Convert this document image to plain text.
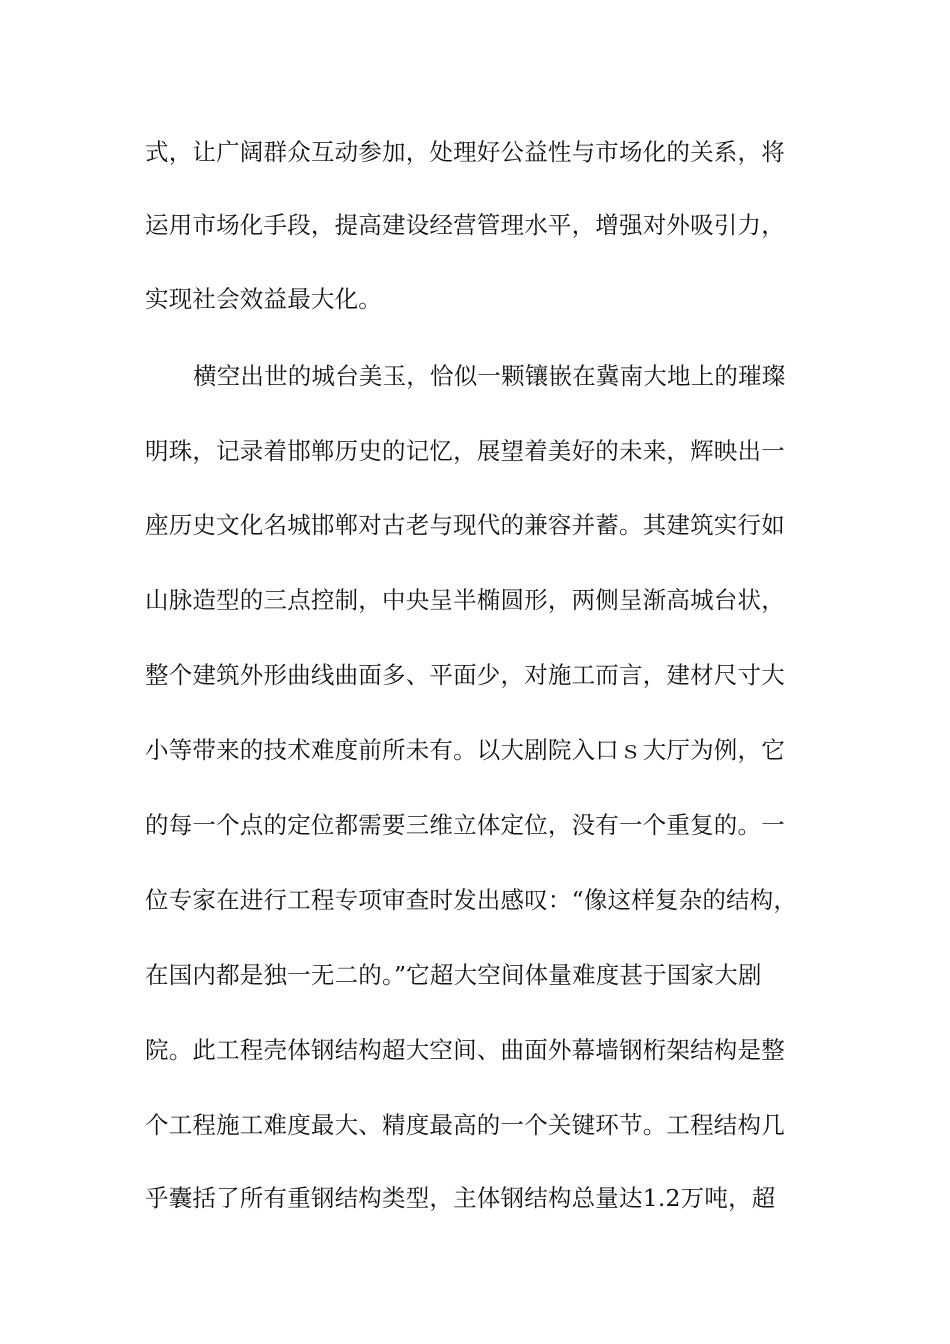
式，让广阔群众互动参加，处理好公益性与市场化的关系，将
运用市场化手段，提高建设经营管理水平，增强对外吸引力，
实现社会效益最大化。
横空出世的城台美玉，恰似一颗镶嵌在冀南大地上的璀璨
明珠，记录着邯郸历史的记忆，展望着美好的未来，辉映出一
座历史文化名城邯郸对古老与现代的兼容并蓄。其建筑实行如
山脉造型的三点控制，中央呈半椭圆形，两侧呈渐高城台状，
整个建筑外形曲线曲面多、平面少，对施工而言，建材尺寸大
小等带来的技术难度前所未有。以大剧院入口ｓ大厅为例，它
的每一个点的定位都需要三维立体定位，没有一个重复的。一
位专家在进行工程专项审查时发出感叹：“像这样复杂的结构，
在国内都是独一无二的。”它超大空间体量难度甚于国家大剧
院。此工程壳体钢结构超大空间、曲面外幕墙钢桁架结构是整
个工程施工难度最大、精度最高的一个关键环节。工程结构几
乎囊括了所有重钢结构类型，主体钢结构总量达1.2万吨，超
